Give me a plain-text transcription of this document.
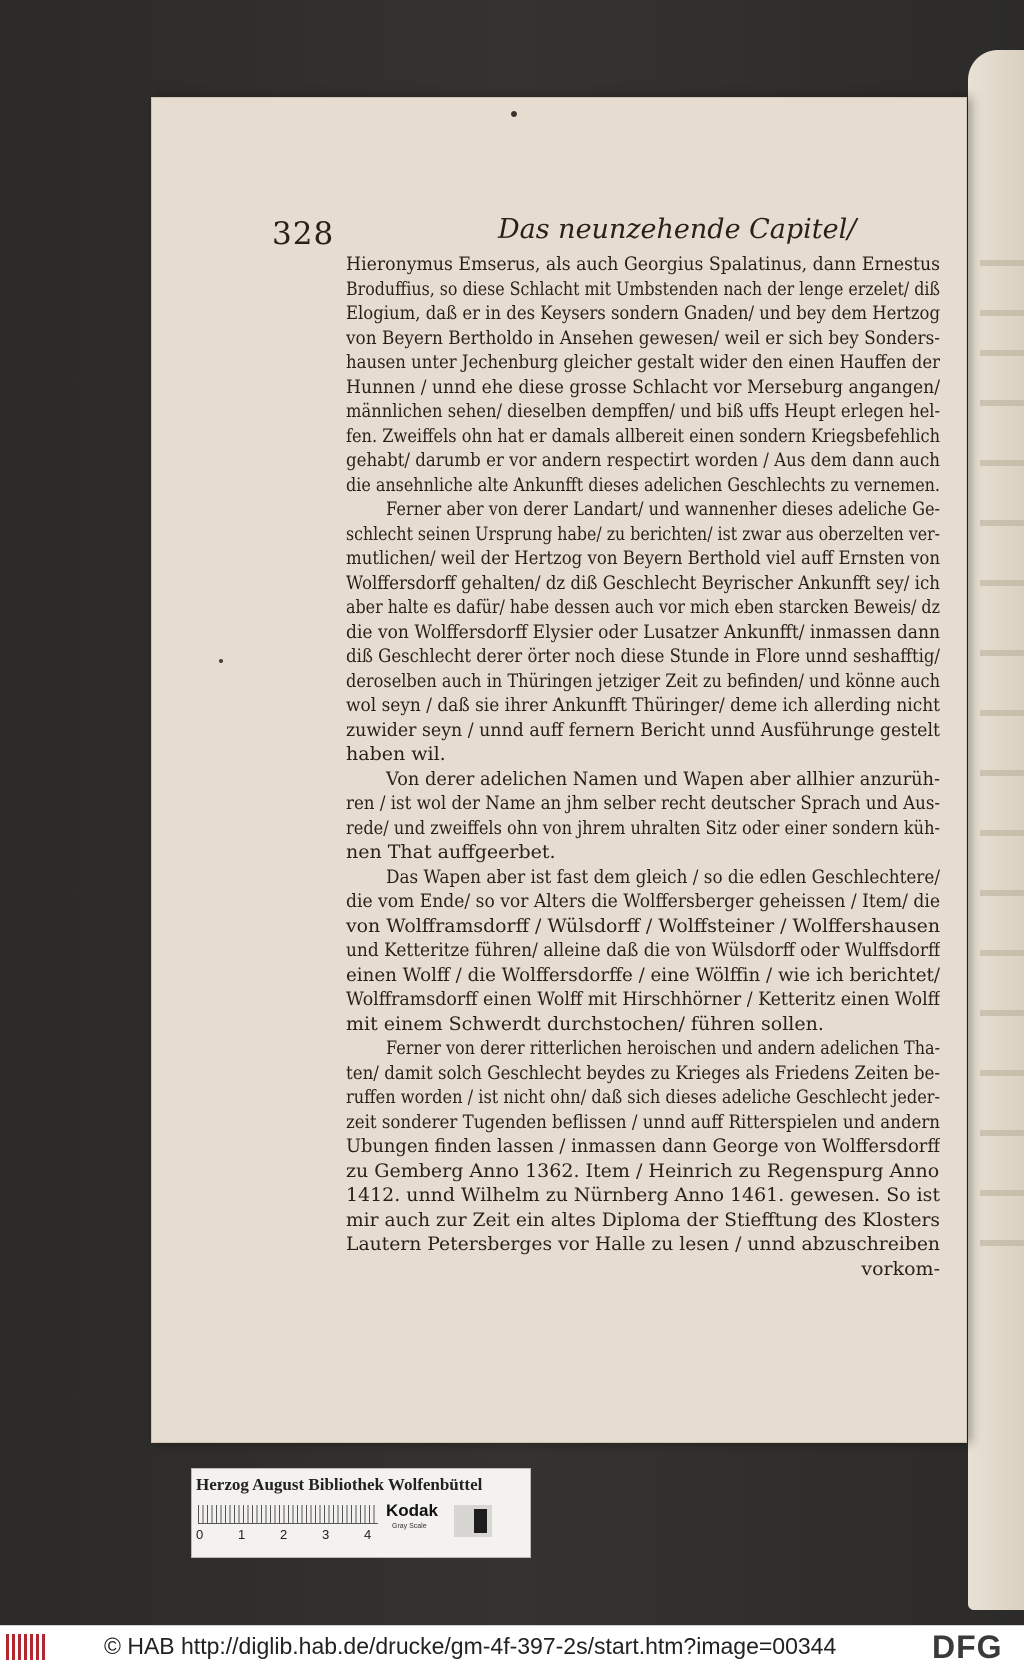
328	Das neunzehende Capitel/
Hieronymus Emserus, als auch Georgius Spalatinus, dann Ernestus
Broduffius, so diese Schlacht mit Umbstenden nach der lenge erzelet/ diß
Elogium, daß er in des Keysers sondern Gnaden/ und bey dem Hertzog
von Beyern Bertholdo in Ansehen gewesen/ weil er sich bey Sonders-
hausen unter Jechenburg gleicher gestalt wider den einen Hauffen der
Hunnen / unnd ehe diese grosse Schlacht vor Merseburg angangen/
männlichen sehen/ dieselben dempffen/ und biß uffs Heupt erlegen hel-
fen. Zweiffels ohn hat er damals allbereit einen sondern Kriegsbefehlich
gehabt/ darumb er vor andern respectirt worden / Aus dem dann auch
die ansehnliche alte Ankunfft dieses adelichen Geschlechts zu vernemen.
Ferner aber von derer Landart/ und wannenher dieses adeliche Ge-
schlecht seinen Ursprung habe/ zu berichten/ ist zwar aus oberzelten ver-
mutlichen/ weil der Hertzog von Beyern Berthold viel auff Ernsten von
Wolffersdorff gehalten/ dz diß Geschlecht Beyrischer Ankunfft sey/ ich
aber halte es dafür/ habe dessen auch vor mich eben starcken Beweis/ dz
die von Wolffersdorff Elysier oder Lusatzer Ankunfft/ inmassen dann
diß Geschlecht derer örter noch diese Stunde in Flore unnd seshafftig/
deroselben auch in Thüringen jetziger Zeit zu befinden/ und könne auch
wol seyn / daß sie ihrer Ankunfft Thüringer/ deme ich allerding nicht
zuwider seyn / unnd auff fernern Bericht unnd Ausführunge gestelt
haben wil.
Von derer adelichen Namen und Wapen aber allhier anzurüh-
ren / ist wol der Name an jhm selber recht deutscher Sprach und Aus-
rede/ und zweiffels ohn von jhrem uhralten Sitz oder einer sondern küh-
nen That auffgeerbet.
Das Wapen aber ist fast dem gleich / so die edlen Geschlechtere/
die vom Ende/ so vor Alters die Wolffersberger geheissen / Item/ die
von Wolfframsdorff / Wülsdorff / Wolffsteiner / Wolffershausen
und Ketteritze führen/ alleine daß die von Wülsdorff oder Wulffsdorff
einen Wolff / die Wolffersdorffe / eine Wölffin / wie ich berichtet/
Wolfframsdorff einen Wolff mit Hirschhörner / Ketteritz einen Wolff
mit einem Schwerdt durchstochen/ führen sollen.
Ferner von derer ritterlichen heroischen und andern adelichen Tha-
ten/ damit solch Geschlecht beydes zu Krieges als Friedens Zeiten be-
ruffen worden / ist nicht ohn/ daß sich dieses adeliche Geschlecht jeder-
zeit sonderer Tugenden beflissen / unnd auff Ritterspielen und andern
Ubungen finden lassen / inmassen dann George von Wolffersdorff
zu Gemberg Anno 1362. Item / Heinrich zu Regenspurg Anno
1412. unnd Wilhelm zu Nürnberg Anno 1461. gewesen. So ist
mir auch zur Zeit ein altes Diploma der Stiefftung des Klosters
Lautern Petersberges vor Halle zu lesen / unnd abzuschreiben
vorkom-
Herzog August Bibliothek Wolfenbüttel
0	1	2	3	4
Kodak
Gray Scale
© HAB http://diglib.hab.de/drucke/gm-4f-397-2s/start.htm?image=00344	DFG
